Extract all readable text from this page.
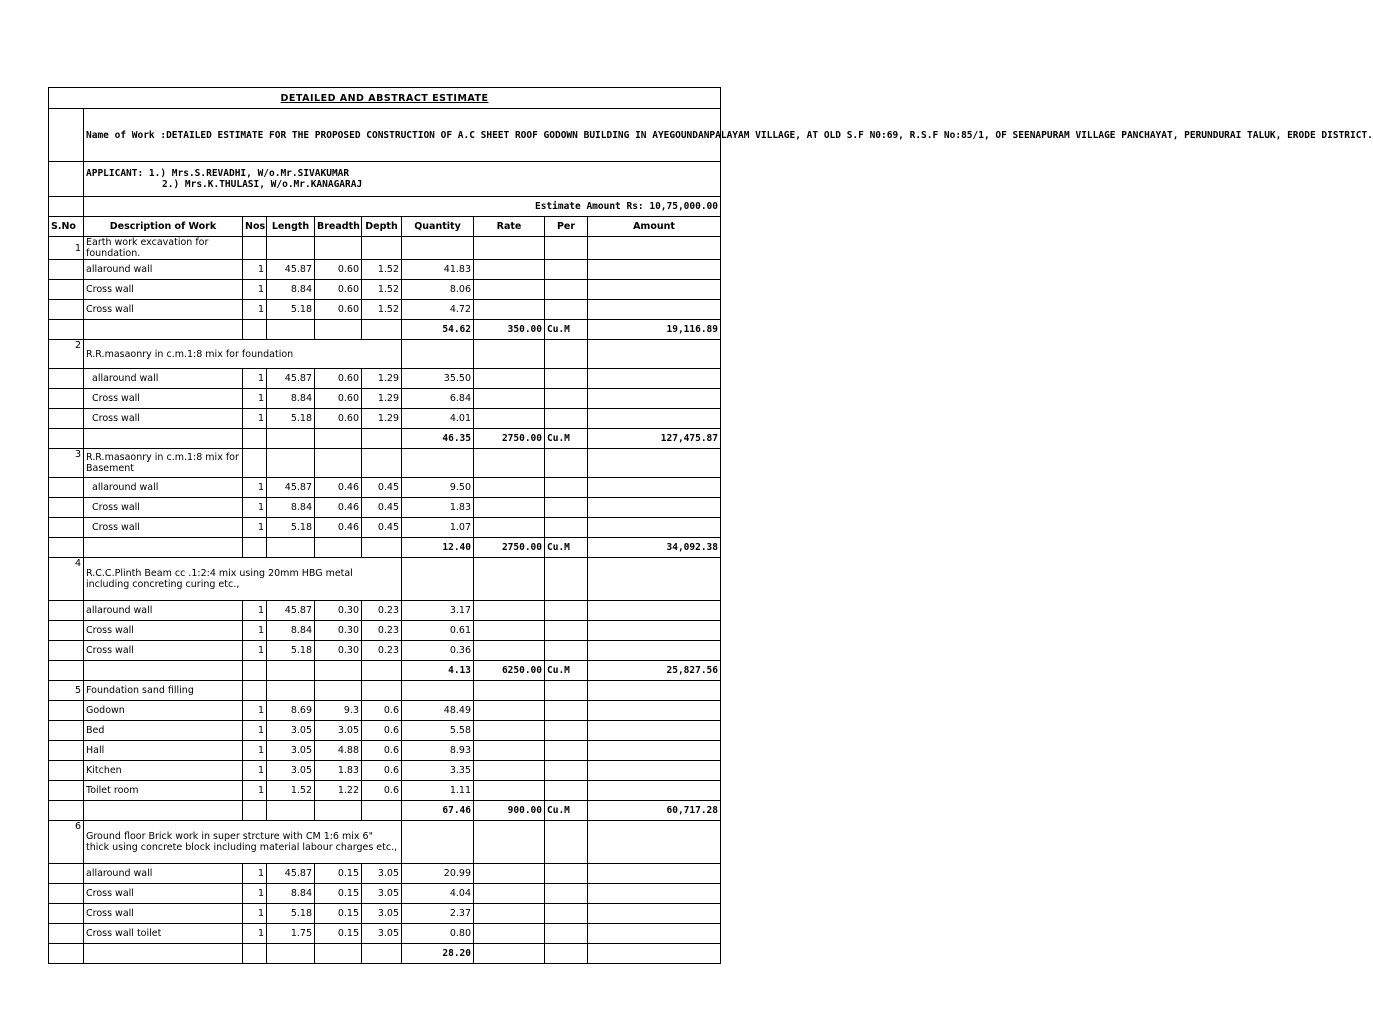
DETAILED AND ABSTRACT ESTIMATE									
	Name of Work :DETAILED ESTIMATE FOR THE PROPOSED CONSTRUCTION OF A.C SHEET ROOF GODOWN BUILDING IN AYEGOUNDANPALAYAM VILLAGE, AT OLD S.F N0:69, R.S.F No:85/1, OF SEENAPURAM VILLAGE PANCHAYAT, PERUNDURAI TALUK, ERODE DISTRICT.								

	APPLICANT: 1.) Mrs.S.REVADHI, W/o.Mr.SIVAKUMAR
2.) Mrs.K.THULASI, W/o.Mr.KANAGARAJ								

	Estimate Amount Rs: 10,75,000.00								
S.No	Description of Work	Nos	Length	Breadth	Depth	Quantity	Rate	Per	Amount
1	Earth work excavation for foundation.								
	allaround wall	1	45.87	0.60	1.52	41.83			
	Cross wall	1	8.84	0.60	1.52	8.06			
	Cross wall	1	5.18	0.60	1.52	4.72			
						54.62	350.00	Cu.M	19,116.89
2	R.R.masaonry in c.m.1:8 mix for foundation								
	allaround wall	1	45.87	0.60	1.29	35.50			
	Cross wall	1	8.84	0.60	1.29	6.84			
	Cross wall	1	5.18	0.60	1.29	4.01			
						46.35	2750.00	Cu.M	127,475.87
3	R.R.masaonry in c.m.1:8 mix for Basement								
	allaround wall	1	45.87	0.46	0.45	9.50			
	Cross wall	1	8.84	0.46	0.45	1.83			
	Cross wall	1	5.18	0.46	0.45	1.07			
						12.40	2750.00	Cu.M	34,092.38
4	R.C.C.Plinth Beam cc .1:2:4 mix using 20mm HBG metal including concreting curing etc.,								
	allaround wall	1	45.87	0.30	0.23	3.17			
	Cross wall	1	8.84	0.30	0.23	0.61			
	Cross wall	1	5.18	0.30	0.23	0.36			
						4.13	6250.00	Cu.M	25,827.56
5	Foundation sand filling								
	Godown	1	8.69	9.3	0.6	48.49			
	Bed	1	3.05	3.05	0.6	5.58			
	Hall	1	3.05	4.88	0.6	8.93			
	Kitchen	1	3.05	1.83	0.6	3.35			
	Toilet room	1	1.52	1.22	0.6	1.11			
						67.46	900.00	Cu.M	60,717.28
6	Ground floor Brick work in super strcture with CM 1:6 mix 6" thick using concrete block including material labour charges etc.,								
	allaround wall	1	45.87	0.15	3.05	20.99			
	Cross wall	1	8.84	0.15	3.05	4.04			
	Cross wall	1	5.18	0.15	3.05	2.37			
	Cross wall toilet	1	1.75	0.15	3.05	0.80			
						28.20			
